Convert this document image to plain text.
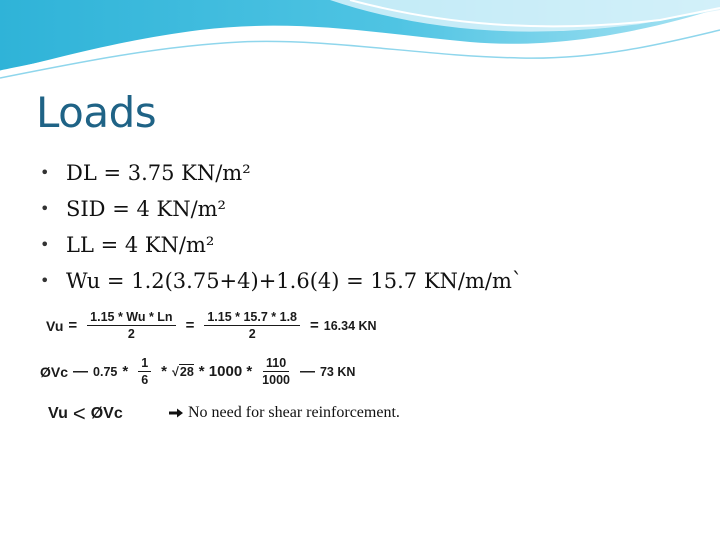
Loads
• DL = 3.75 KN/m²
• SID = 4 KN/m²
• LL = 4 KN/m²
• Wu = 1.2(3.75+4)+1.6(4) = 15.7 KN/m/m`
$Vu = \frac{1.15 * Wu * Ln}{2} = \frac{1.15 * 15.7 * 1.8}{2} = 16.34$ KN
ØVc — $0.75 * \frac{1}{6}$ * √ $28 * 1000 * \frac{110}{1000}$ — 73 KN
Vu < ØVc	No need for shear reinforcement.
